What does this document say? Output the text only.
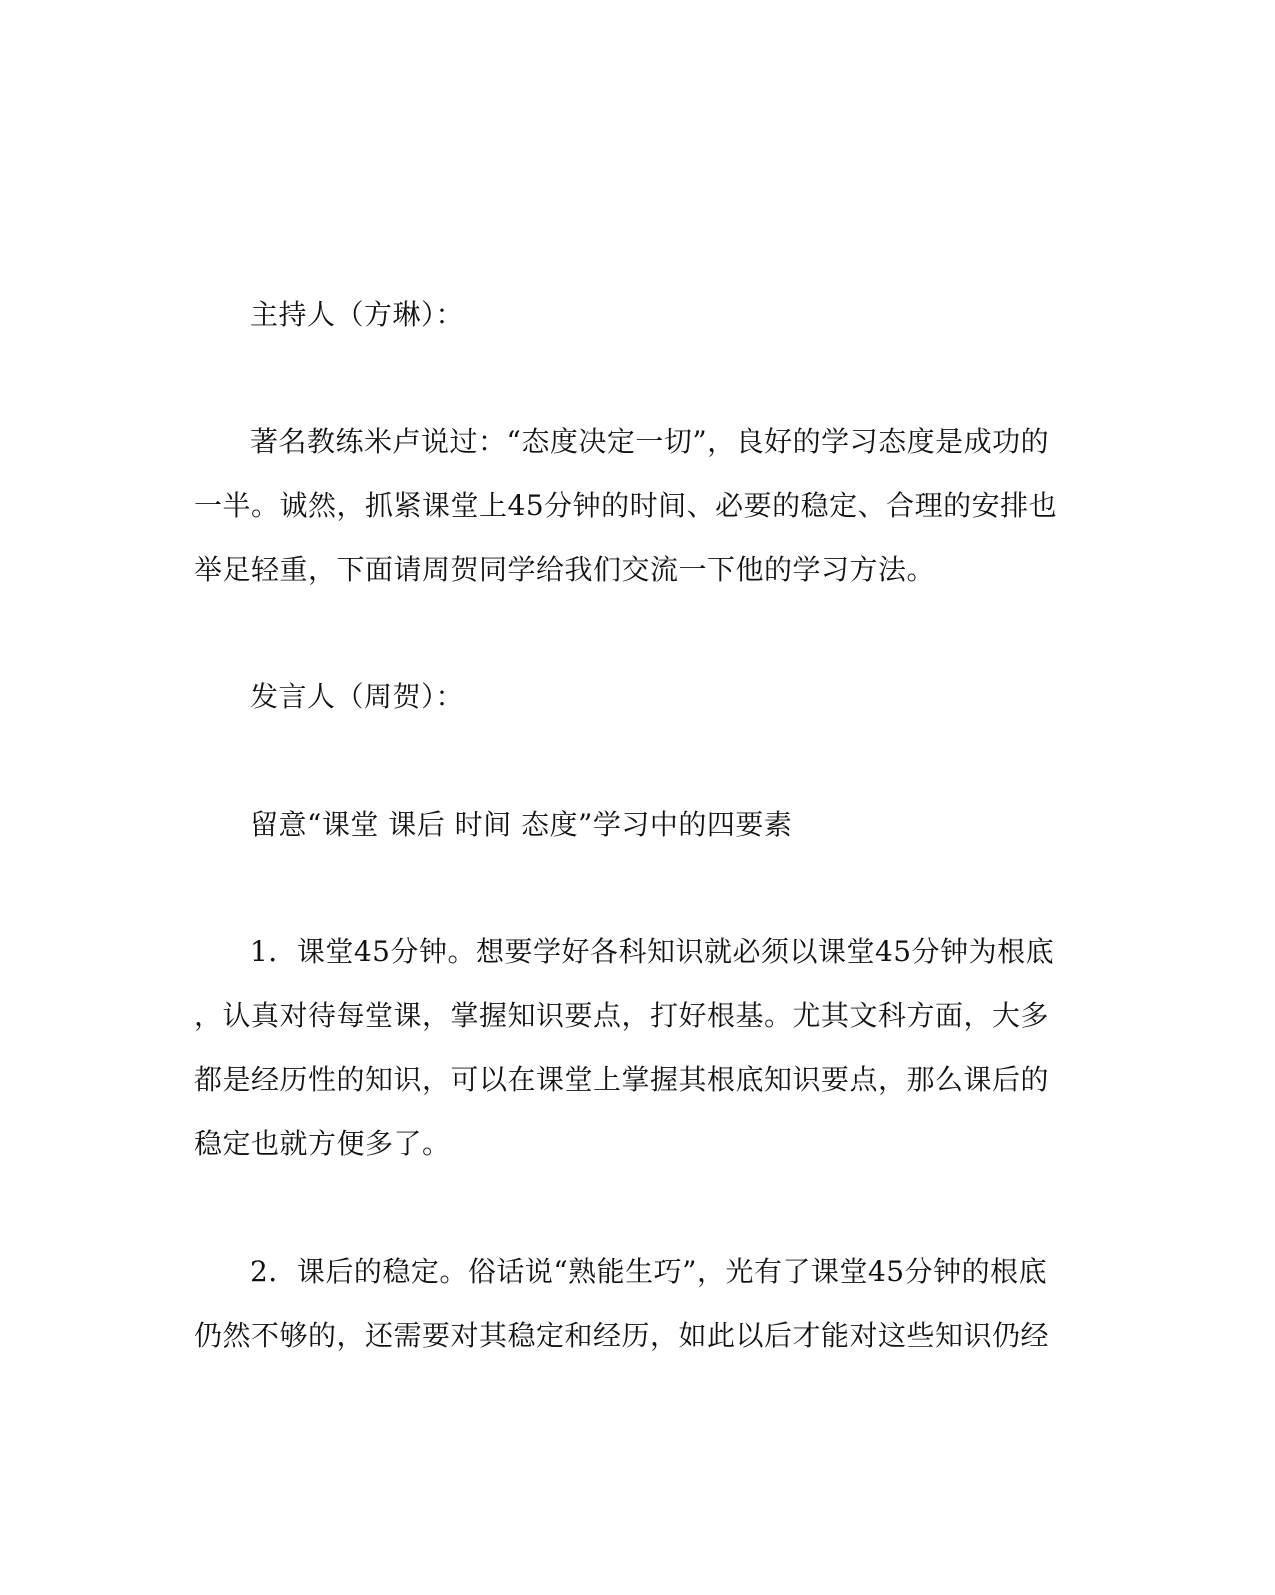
主持人（方琳）：
著名教练米卢说过：“态度决定一切”，良好的学习态度是成功的
一半。诚然，抓紧课堂上45分钟的时间、必要的稳定、合理的安排也
举足轻重，下面请周贺同学给我们交流一下他的学习方法。
发言人（周贺）：
留意“课堂 课后 时间 态度”学习中的四要素
1．课堂45分钟。想要学好各科知识就必须以课堂45分钟为根底
，认真对待每堂课，掌握知识要点，打好根基。尤其文科方面，大多
都是经历性的知识，可以在课堂上掌握其根底知识要点，那么课后的
稳定也就方便多了。
2．课后的稳定。俗话说“熟能生巧”，光有了课堂45分钟的根底
仍然不够的，还需要对其稳定和经历，如此以后才能对这些知识仍经
